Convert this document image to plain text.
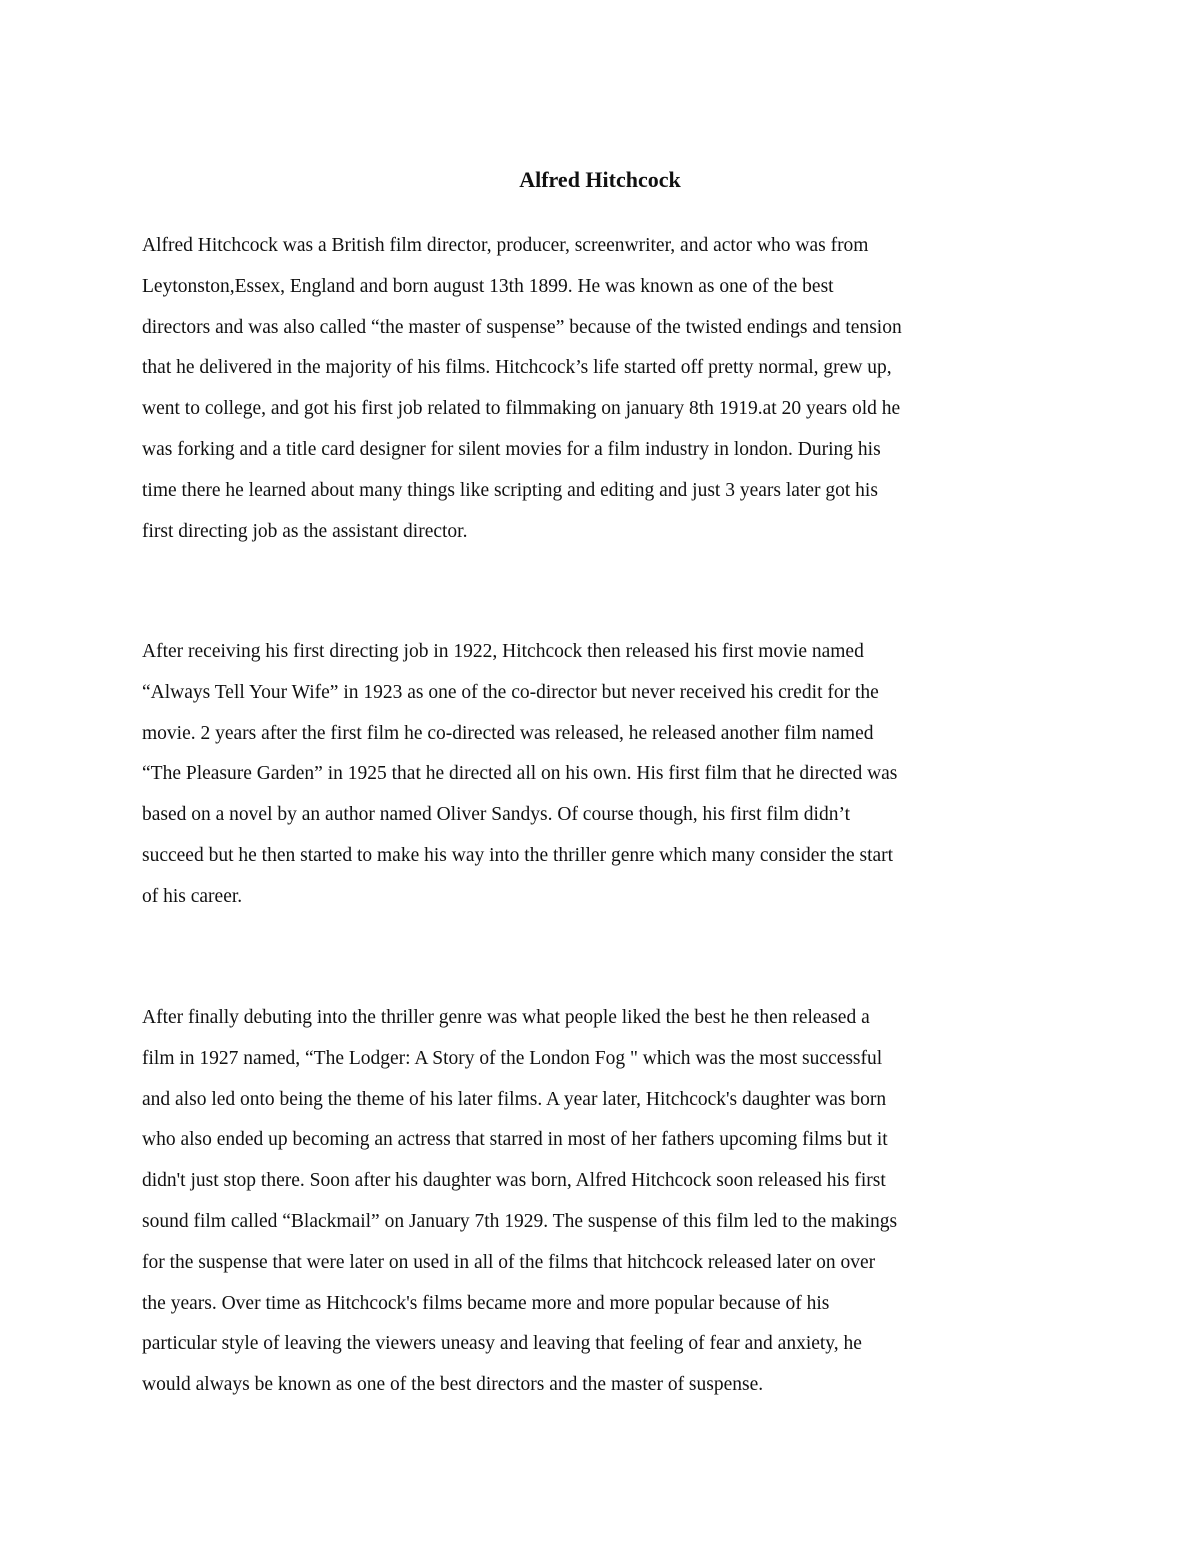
Alfred Hitchcock

Alfred Hitchcock was a British film director, producer, screenwriter, and actor who was from
Leytonston,Essex, England and born august 13th 1899. He was known as one of the best
directors and was also called “the master of suspense” because of the twisted endings and tension
that he delivered in the majority of his films. Hitchcock’s life started off pretty normal, grew up,
went to college, and got his first job related to filmmaking on january 8th 1919.at 20 years old he
was forking and a title card designer for silent movies for a film industry in london. During his
time there he learned about many things like scripting and editing and just 3 years later got his
first directing job as the assistant director.

After receiving his first directing job in 1922, Hitchcock then released his first movie named
“Always Tell Your Wife” in 1923 as one of the co-director but never received his credit for the
movie. 2 years after the first film he co-directed was released, he released another film named
“The Pleasure Garden” in 1925 that he directed all on his own. His first film that he directed was
based on a novel by an author named Oliver Sandys. Of course though, his first film didn’t
succeed but he then started to make his way into the thriller genre which many consider the start
of his career.

After finally debuting into the thriller genre was what people liked the best he then released a
film in 1927 named, “The Lodger: A Story of the London Fog " which was the most successful
and also led onto being the theme of his later films. A year later, Hitchcock's daughter was born
who also ended up becoming an actress that starred in most of her fathers upcoming films but it
didn't just stop there. Soon after his daughter was born, Alfred Hitchcock soon released his first
sound film called “Blackmail” on January 7th 1929. The suspense of this film led to the makings
for the suspense that were later on used in all of the films that hitchcock released later on over
the years. Over time as Hitchcock's films became more and more popular because of his
particular style of leaving the viewers uneasy and leaving that feeling of fear and anxiety, he
would always be known as one of the best directors and the master of suspense.
